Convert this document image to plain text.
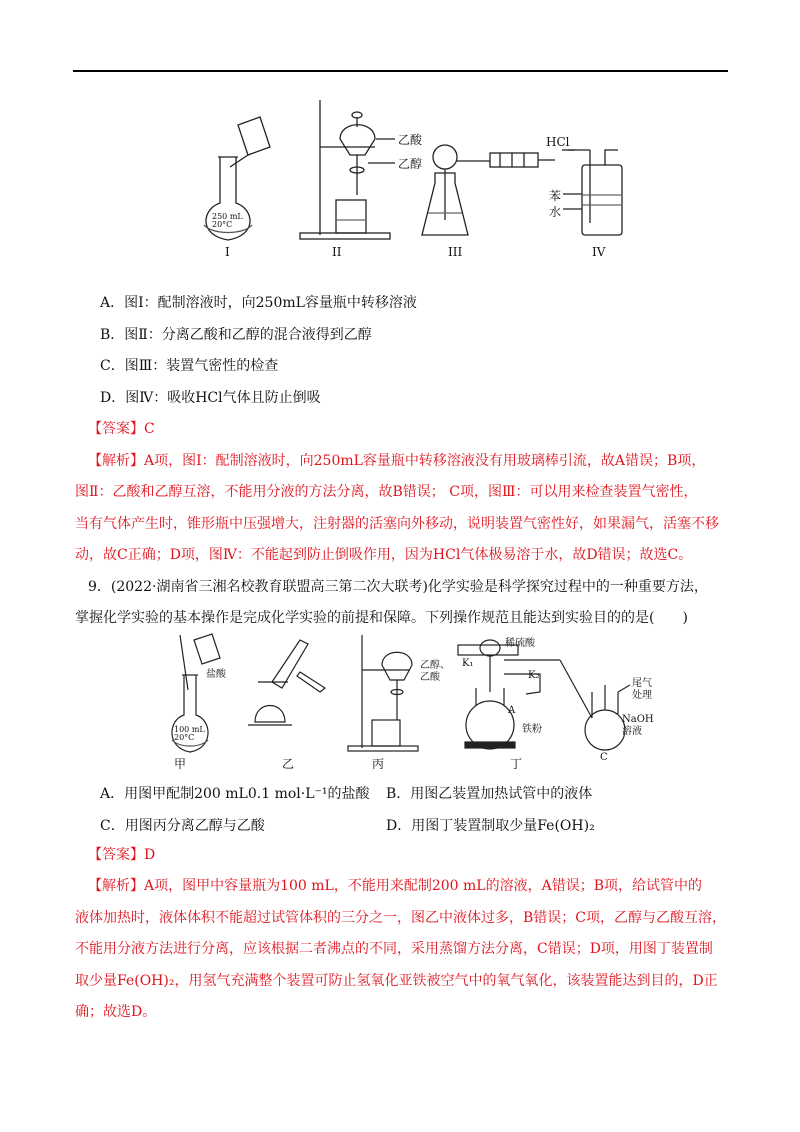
乙酸
乙醇
HCl
苯
水
250 mL
20°C
I	II	III	IV
A．图Ⅰ：配制溶液时，向250mL容量瓶中转移溶液
B．图Ⅱ：分离乙酸和乙醇的混合液得到乙醇
C．图Ⅲ：装置气密性的检查
D．图Ⅳ：吸收HCl气体且防止倒吸
【答案】C
【解析】A项，图Ⅰ：配制溶液时，向250mL容量瓶中转移溶液没有用玻璃棒引流，故A错误；B项，
图Ⅱ：乙酸和乙醇互溶，不能用分液的方法分离，故B错误； C项，图Ⅲ：可以用来检查装置气密性，
当有气体产生时，锥形瓶中压强增大，注射器的活塞向外移动，说明装置气密性好，如果漏气，活塞不移
动，故C正确；D项，图Ⅳ：不能起到防止倒吸作用，因为HCl气体极易溶于水，故D错误；故选C。
9．(2022·湖南省三湘名校教育联盟高三第二次大联考)化学实验是科学探究过程中的一种重要方法，
掌握化学实验的基本操作是完成化学实验的前提和保障。下列操作规范且能达到实验目的的是(　　)
盐酸
100 mL
20°C
乙醇、
乙酸
稀硫酸
K₁
K₂
铁粉
尾气
处理
NaOH
溶液
A
C
甲	乙	丙	丁
A．用图甲配制200 mL0.1 mol·L⁻¹的盐酸 B．用图乙装置加热试管中的液体
C．用图丙分离乙醇与乙酸	D．用图丁装置制取少量Fe(OH)₂
【答案】D
【解析】A项，图甲中容量瓶为100 mL，不能用来配制200 mL的溶液，A错误；B项，给试管中的
液体加热时，液体体积不能超过试管体积的三分之一，图乙中液体过多，B错误；C项，乙醇与乙酸互溶，
不能用分液方法进行分离，应该根据二者沸点的不同，采用蒸馏方法分离，C错误；D项，用图丁装置制
取少量Fe(OH)₂，用氢气充满整个装置可防止氢氧化亚铁被空气中的氧气氧化，该装置能达到目的，D正
确；故选D。
